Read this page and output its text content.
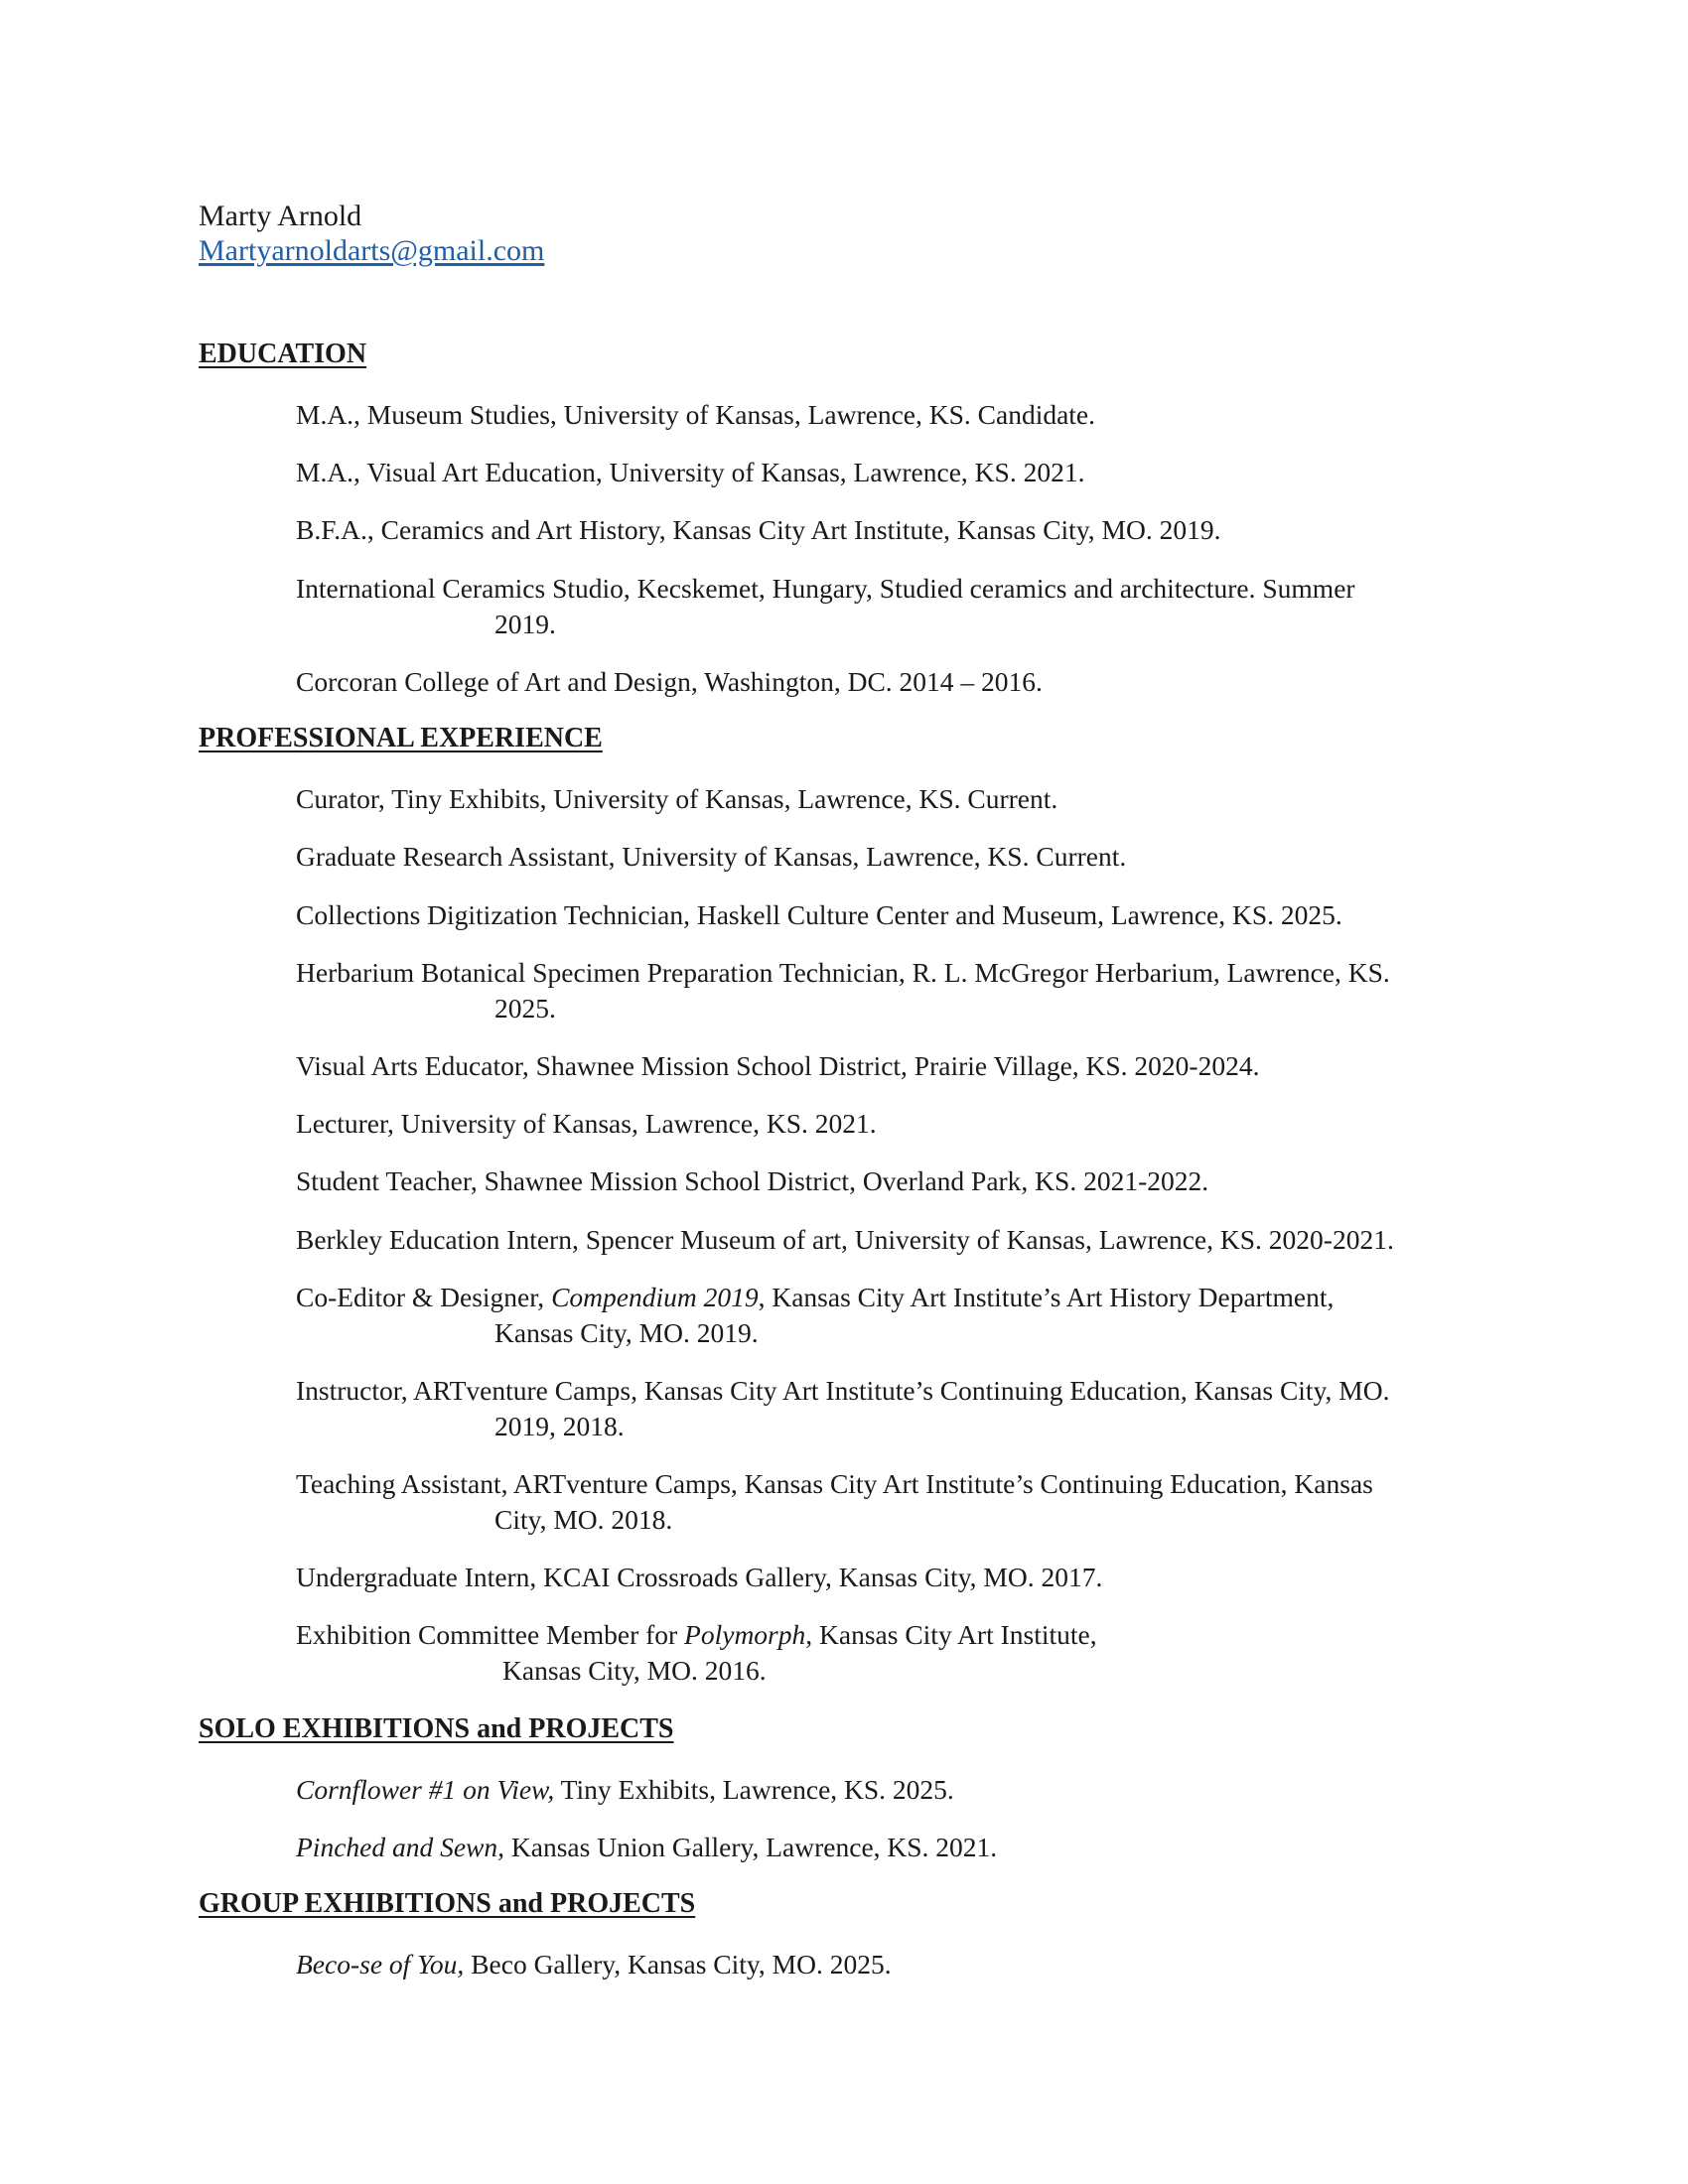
Marty Arnold
Martyarnoldarts@gmail.com
EDUCATION
M.A., Museum Studies, University of Kansas, Lawrence, KS. Candidate.
M.A., Visual Art Education, University of Kansas, Lawrence, KS. 2021.
B.F.A., Ceramics and Art History, Kansas City Art Institute, Kansas City, MO. 2019.
International Ceramics Studio, Kecskemet, Hungary, Studied ceramics and architecture. Summer
2019.
Corcoran College of Art and Design, Washington, DC. 2014 – 2016.
PROFESSIONAL EXPERIENCE
Curator, Tiny Exhibits, University of Kansas, Lawrence, KS. Current.
Graduate Research Assistant, University of Kansas, Lawrence, KS. Current.
Collections Digitization Technician, Haskell Culture Center and Museum, Lawrence, KS. 2025.
Herbarium Botanical Specimen Preparation Technician, R. L. McGregor Herbarium, Lawrence, KS.
2025.
Visual Arts Educator, Shawnee Mission School District, Prairie Village, KS. 2020-2024.
Lecturer, University of Kansas, Lawrence, KS. 2021.
Student Teacher, Shawnee Mission School District, Overland Park, KS. 2021-2022.
Berkley Education Intern, Spencer Museum of art, University of Kansas, Lawrence, KS. 2020-2021.
Co-Editor & Designer, Compendium 2019, Kansas City Art Institute’s Art History Department,
Kansas City, MO. 2019.
Instructor, ARTventure Camps, Kansas City Art Institute’s Continuing Education, Kansas City, MO.
2019, 2018.
Teaching Assistant, ARTventure Camps, Kansas City Art Institute’s Continuing Education, Kansas
City, MO. 2018.
Undergraduate Intern, KCAI Crossroads Gallery, Kansas City, MO. 2017.
Exhibition Committee Member for Polymorph, Kansas City Art Institute,
Kansas City, MO. 2016.
SOLO EXHIBITIONS and PROJECTS
Cornflower #1 on View, Tiny Exhibits, Lawrence, KS. 2025.
Pinched and Sewn, Kansas Union Gallery, Lawrence, KS. 2021.
GROUP EXHIBITIONS and PROJECTS
Beco-se of You, Beco Gallery, Kansas City, MO. 2025.
